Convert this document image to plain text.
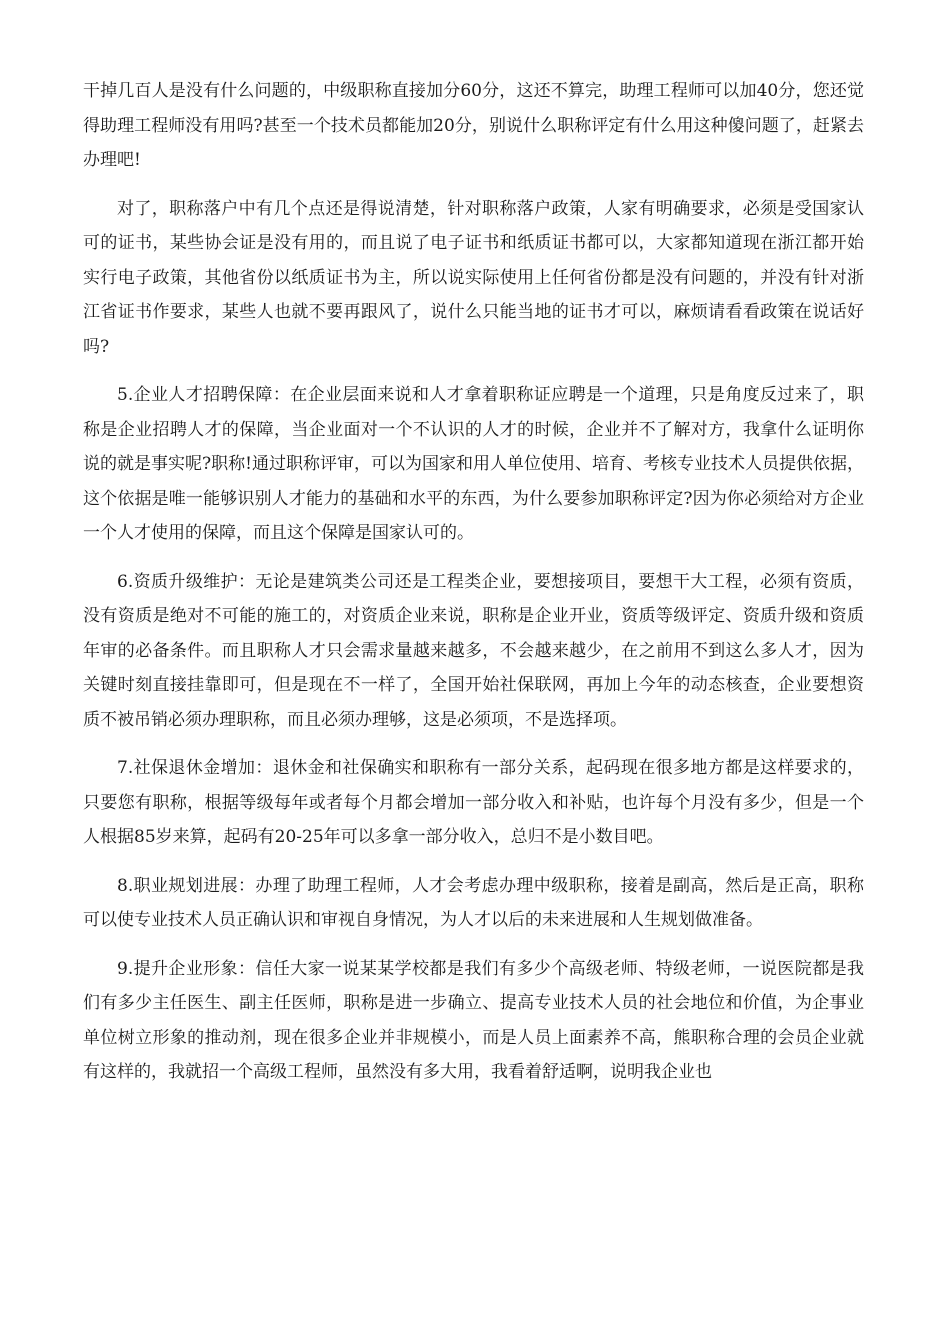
干掉几百人是没有什么问题的，中级职称直接加分60分，这还不算完，助理工程师可以加40分，您还觉得助理工程师没有用吗?甚至一个技术员都能加20分，别说什么职称评定有什么用这种傻问题了，赶紧去办理吧!

对了，职称落户中有几个点还是得说清楚，针对职称落户政策，人家有明确要求，必须是受国家认可的证书，某些协会证是没有用的，而且说了电子证书和纸质证书都可以，大家都知道现在浙江都开始实行电子政策，其他省份以纸质证书为主，所以说实际使用上任何省份都是没有问题的，并没有针对浙江省证书作要求，某些人也就不要再跟风了，说什么只能当地的证书才可以，麻烦请看看政策在说话好吗?

5.企业人才招聘保障：在企业层面来说和人才拿着职称证应聘是一个道理，只是角度反过来了，职称是企业招聘人才的保障，当企业面对一个不认识的人才的时候，企业并不了解对方，我拿什么证明你说的就是事实呢?职称!通过职称评审，可以为国家和用人单位使用、培育、考核专业技术人员提供依据，这个依据是唯一能够识别人才能力的基础和水平的东西，为什么要参加职称评定?因为你必须给对方企业一个人才使用的保障，而且这个保障是国家认可的。

6.资质升级维护：无论是建筑类公司还是工程类企业，要想接项目，要想干大工程，必须有资质，没有资质是绝对不可能的施工的，对资质企业来说，职称是企业开业，资质等级评定、资质升级和资质年审的必备条件。而且职称人才只会需求量越来越多，不会越来越少，在之前用不到这么多人才，因为关键时刻直接挂靠即可，但是现在不一样了，全国开始社保联网，再加上今年的动态核查，企业要想资质不被吊销必须办理职称，而且必须办理够，这是必须项，不是选择项。

7.社保退休金增加：退休金和社保确实和职称有一部分关系，起码现在很多地方都是这样要求的，只要您有职称，根据等级每年或者每个月都会增加一部分收入和补贴，也许每个月没有多少，但是一个人根据85岁来算，起码有20-25年可以多拿一部分收入，总归不是小数目吧。

8.职业规划进展：办理了助理工程师，人才会考虑办理中级职称，接着是副高，然后是正高，职称可以使专业技术人员正确认识和审视自身情况，为人才以后的未来进展和人生规划做准备。

9.提升企业形象：信任大家一说某某学校都是我们有多少个高级老师、特级老师，一说医院都是我们有多少主任医生、副主任医师，职称是进一步确立、提高专业技术人员的社会地位和价值，为企事业单位树立形象的推动剂，现在很多企业并非规模小，而是人员上面素养不高，熊职称合理的会员企业就有这样的，我就招一个高级工程师，虽然没有多大用，我看着舒适啊，说明我企业也
